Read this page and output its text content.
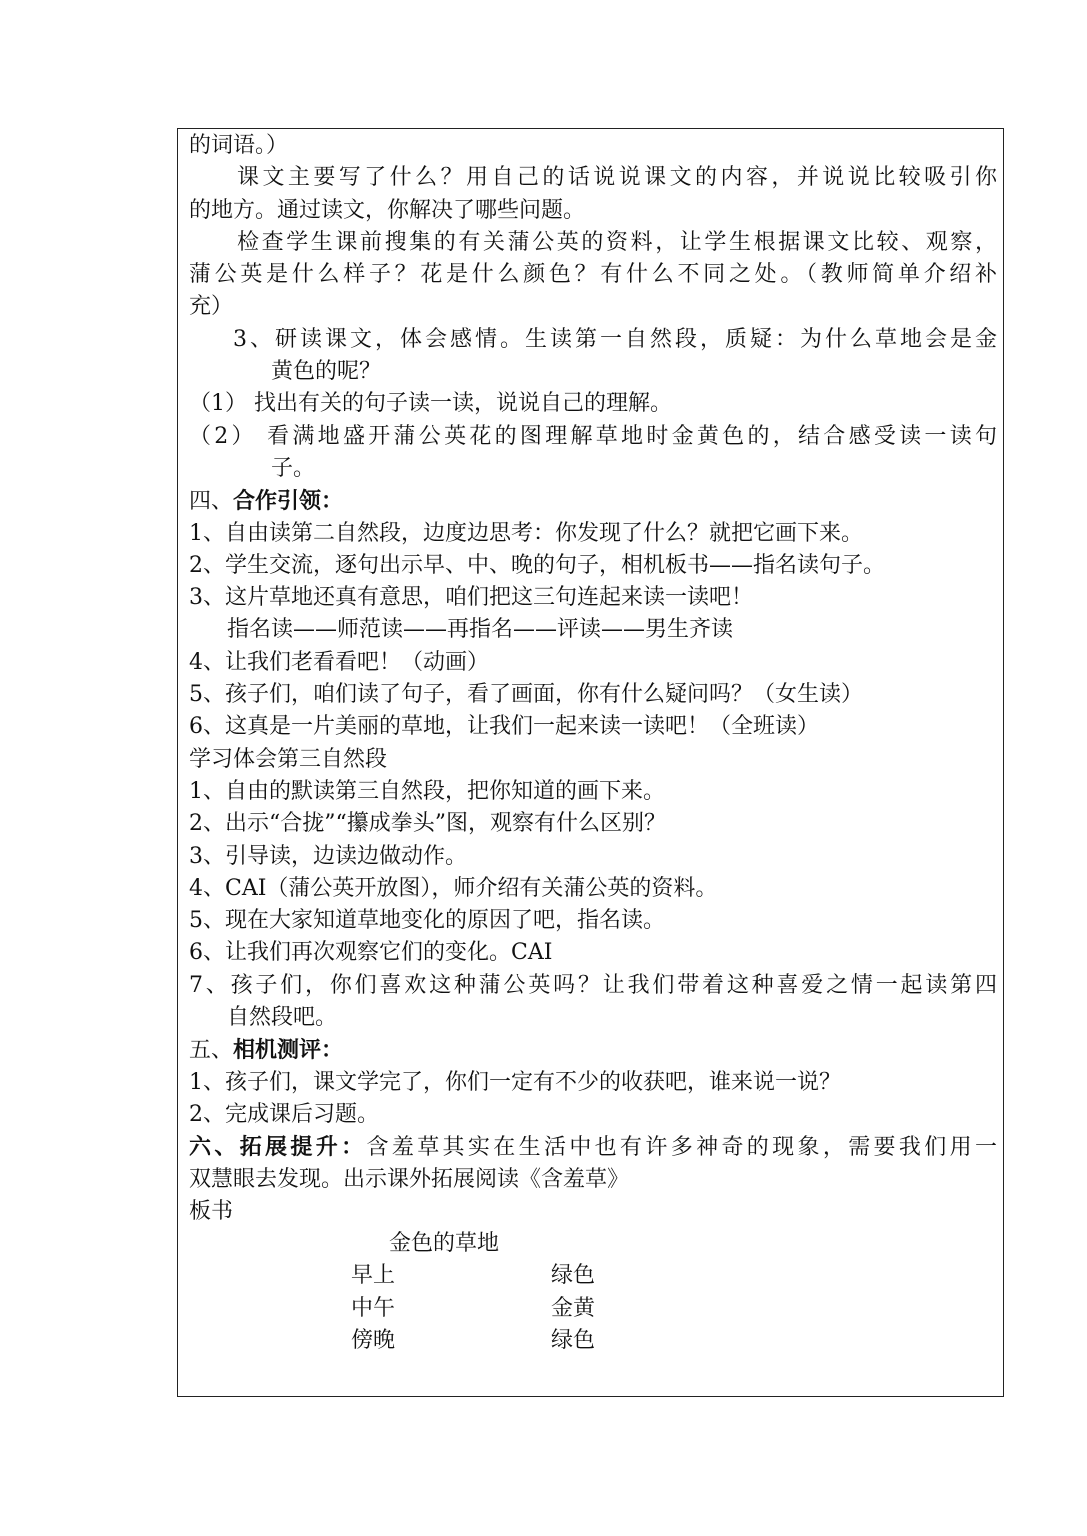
的词语。）
课文主要写了什么？用自己的话说说课文的内容，并说说比较吸引你
的地方。通过读文，你解决了哪些问题。
检查学生课前搜集的有关蒲公英的资料，让学生根据课文比较、观察，
蒲公英是什么样子？花是什么颜色？有什么不同之处。（教师简单介绍补
充）
3、研读课文，体会感情。生读第一自然段，质疑：为什么草地会是金
黄色的呢？
（1） 找出有关的句子读一读，说说自己的理解。
（2） 看满地盛开蒲公英花的图理解草地时金黄色的，结合感受读一读句
子。
四、合作引领：
1、自由读第二自然段，边度边思考：你发现了什么？就把它画下来。
2、学生交流，逐句出示早、中、晚的句子，相机板书——指名读句子。
3、这片草地还真有意思，咱们把这三句连起来读一读吧！
指名读——师范读——再指名——评读——男生齐读
4、让我们老看看吧！（动画）
5、孩子们，咱们读了句子，看了画面，你有什么疑问吗？（女生读）
6、这真是一片美丽的草地，让我们一起来读一读吧！（全班读）
学习体会第三自然段
1、自由的默读第三自然段，把你知道的画下来。
2、出示“合拢”“攥成拳头”图，观察有什么区别？
3、引导读，边读边做动作。
4、CAI（蒲公英开放图），师介绍有关蒲公英的资料。
5、现在大家知道草地变化的原因了吧，指名读。
6、让我们再次观察它们的变化。CAI
7、孩子们，你们喜欢这种蒲公英吗？让我们带着这种喜爱之情一起读第四
自然段吧。
五、相机测评：
1、孩子们，课文学完了，你们一定有不少的收获吧，谁来说一说？
2、完成课后习题。
六、拓展提升：含羞草其实在生活中也有许多神奇的现象，需要我们用一
双慧眼去发现。出示课外拓展阅读《含羞草》
板书
金色的草地
早上	绿色
中午	金黄
傍晚	绿色
